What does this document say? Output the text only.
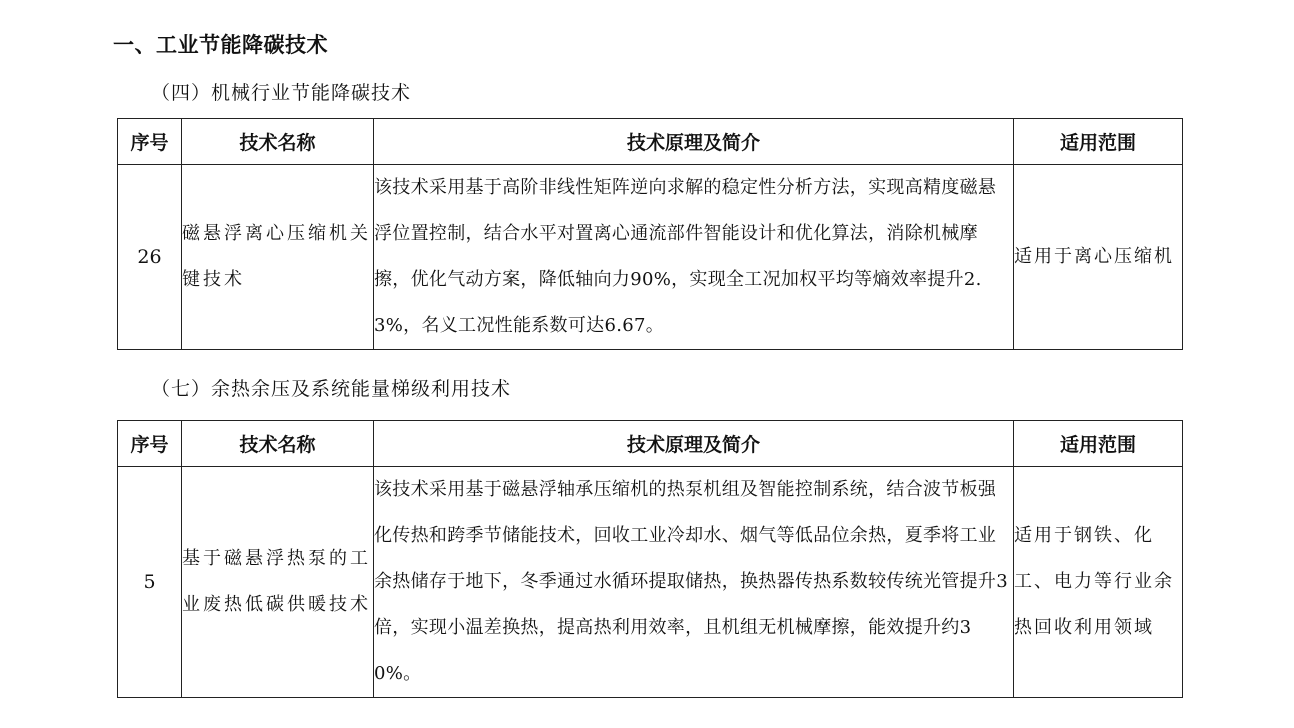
一、工业节能降碳技术
（四）机械行业节能降碳技术
序号	技术名称	技术原理及简介	适用范围
26	磁悬浮离心压缩机关键技术	该技术采用基于高阶非线性矩阵逆向求解的稳定性分析方法，实现高精度磁悬浮位置控制，结合水平对置离心通流部件智能设计和优化算法，消除机械摩擦，优化气动方案，降低轴向力90%，实现全工况加权平均等熵效率提升2.3%，名义工况性能系数可达6.67。	适用于离心压缩机
（七）余热余压及系统能量梯级利用技术
序号	技术名称	技术原理及简介	适用范围
5	基于磁悬浮热泵的工业废热低碳供暖技术	该技术采用基于磁悬浮轴承压缩机的热泵机组及智能控制系统，结合波节板强化传热和跨季节储能技术，回收工业冷却水、烟气等低品位余热，夏季将工业余热储存于地下，冬季通过水循环提取储热，换热器传热系数较传统光管提升3倍，实现小温差换热，提高热利用效率，且机组无机械摩擦，能效提升约30%。	适用于钢铁、化工、电力等行业余热回收利用领域
